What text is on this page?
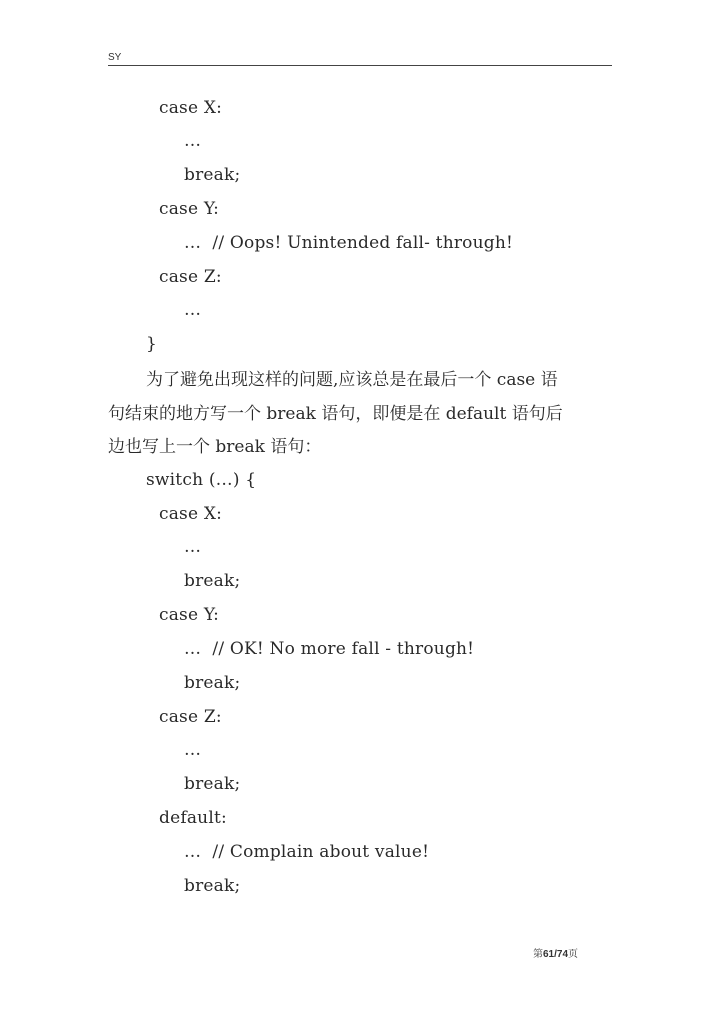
SY
case X:
…
break;
case Y:
…  // Oops! Unintended fall- through!
case Z:
…
}
为了避免出现这样的问题,应该总是在最后一个 case 语
句结束的地方写一个 break 语句，即便是在 default 语句后
边也写上一个 break 语句：
switch (…) {
case X:
…
break;
case Y:
…  // OK! No more fall - through!
break;
case Z:
…
break;
default:
…  // Complain about value!
break;
第61/74页
